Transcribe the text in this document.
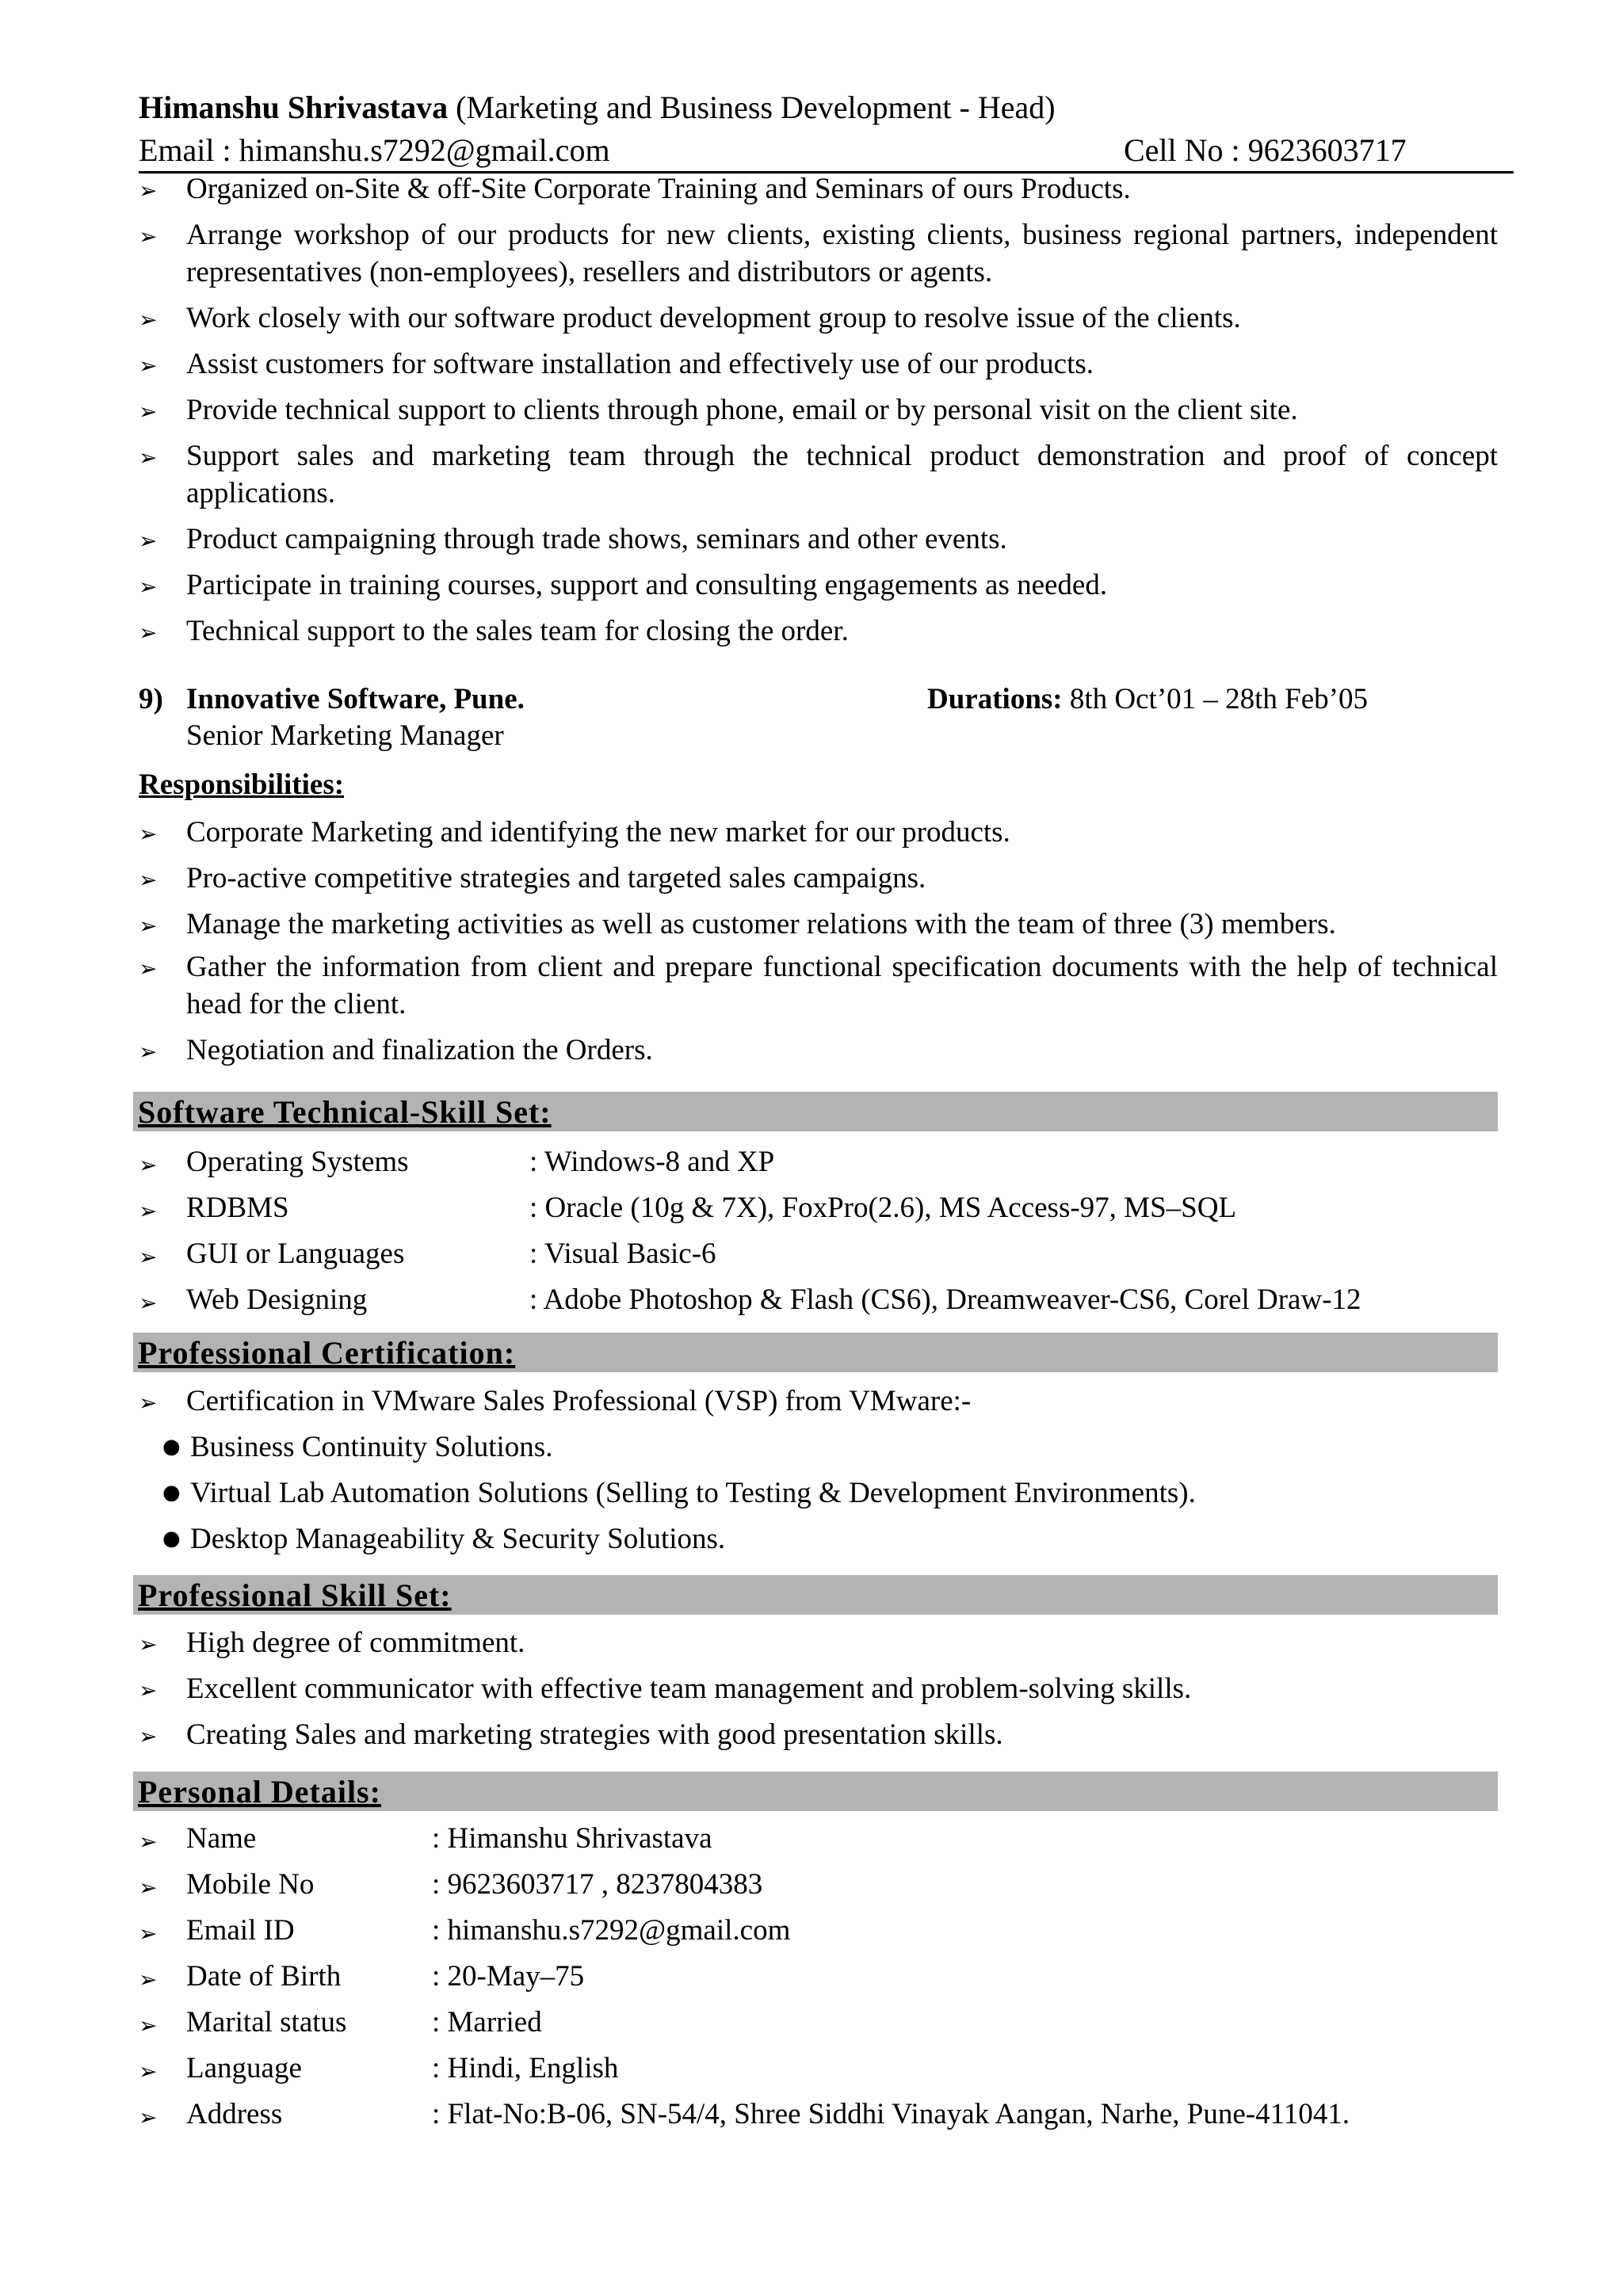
Himanshu Shrivastava (Marketing and Business Development - Head)
Email : himanshu.s7292@gmail.com	Cell No : 9623603717
➢ Organized on-Site & off-Site Corporate Training and Seminars of ours Products.
➢ Arrange workshop of our products for new clients, existing clients, business regional partners, independent representatives (non-employees), resellers and distributors or agents.
➢ Work closely with our software product development group to resolve issue of the clients.
➢ Assist customers for software installation and effectively use of our products.
➢ Provide technical support to clients through phone, email or by personal visit on the client site.
➢ Support sales and marketing team through the technical product demonstration and proof of concept applications.
➢ Product campaigning through trade shows, seminars and other events.
➢ Participate in training courses, support and consulting engagements as needed.
➢ Technical support to the sales team for closing the order.
9) Innovative Software, Pune.	Durations: 8th Oct’01 – 28th Feb’05
Senior Marketing Manager
Responsibilities:
➢ Corporate Marketing and identifying the new market for our products.
➢ Pro-active competitive strategies and targeted sales campaigns.
➢ Manage the marketing activities as well as customer relations with the team of three (3) members.
➢ Gather the information from client and prepare functional specification documents with the help of technical head for the client.
➢ Negotiation and finalization the Orders.
Software Technical-Skill Set:
➢ Operating Systems	: Windows-8 and XP
➢ RDBMS	: Oracle (10g & 7X), FoxPro(2.6), MS Access-97, MS–SQL
➢ GUI or Languages	: Visual Basic-6
➢ Web Designing	: Adobe Photoshop & Flash (CS6), Dreamweaver-CS6, Corel Draw-12
Professional Certification:
➢ Certification in VMware Sales Professional (VSP) from VMware:-
● Business Continuity Solutions.
● Virtual Lab Automation Solutions (Selling to Testing & Development Environments).
● Desktop Manageability & Security Solutions.
Professional Skill Set:
➢ High degree of commitment.
➢ Excellent communicator with effective team management and problem-solving skills.
➢ Creating Sales and marketing strategies with good presentation skills.
Personal Details:
➢ Name	: Himanshu Shrivastava
➢ Mobile No	: 9623603717 , 8237804383
➢ Email ID	: himanshu.s7292@gmail.com
➢ Date of Birth	: 20-May–75
➢ Marital status	: Married
➢ Language	: Hindi, English
➢ Address	: Flat-No:B-06, SN-54/4, Shree Siddhi Vinayak Aangan, Narhe, Pune-411041.
